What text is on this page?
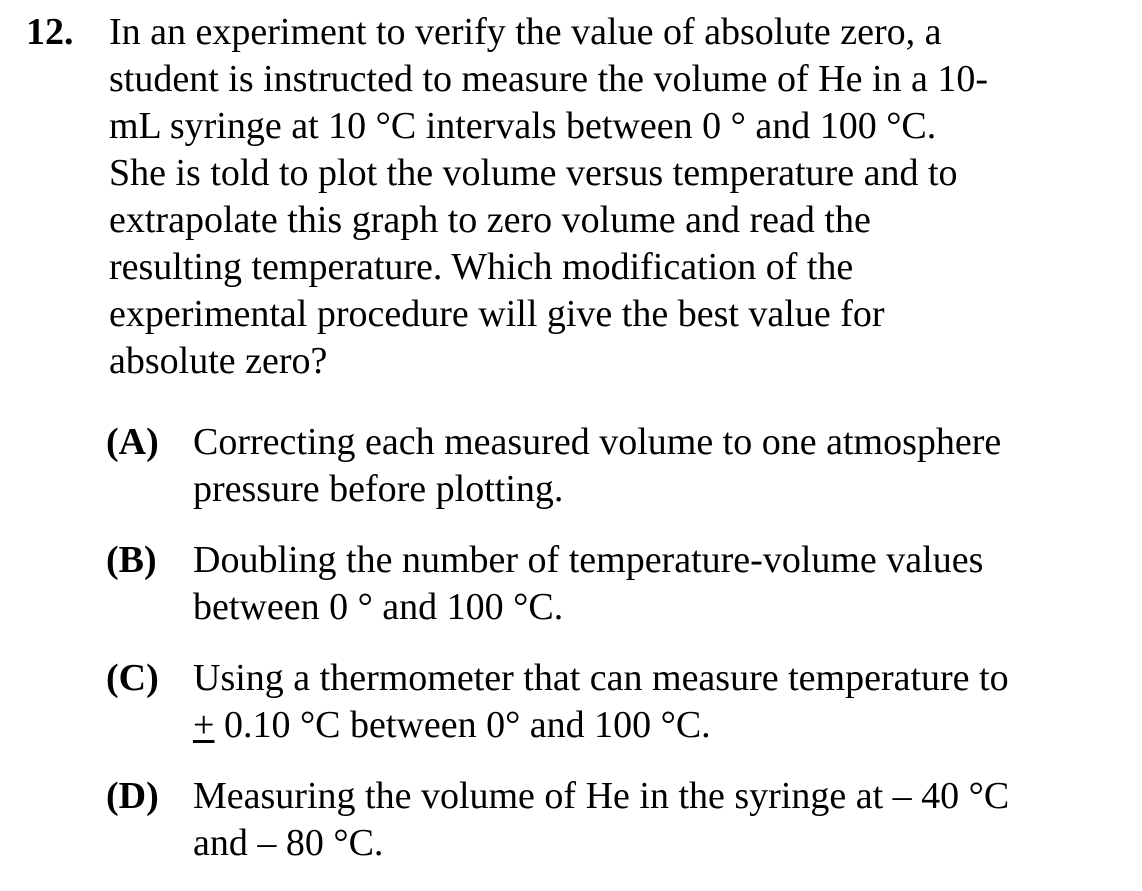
12. In an experiment to verify the value of absolute zero, a
student is instructed to measure the volume of He in a 10-
mL syringe at 10 °C intervals between 0 ° and 100 °C.
She is told to plot the volume versus temperature and to
extrapolate this graph to zero volume and read the
resulting temperature. Which modification of the
experimental procedure will give the best value for
absolute zero?
(A) Correcting each measured volume to one atmosphere
pressure before plotting.
(B) Doubling the number of temperature-volume values
between 0 ° and 100 °C.
(C) Using a thermometer that can measure temperature to
+ 0.10 °C between 0° and 100 °C.
(D) Measuring the volume of He in the syringe at – 40 °C
and – 80 °C.
